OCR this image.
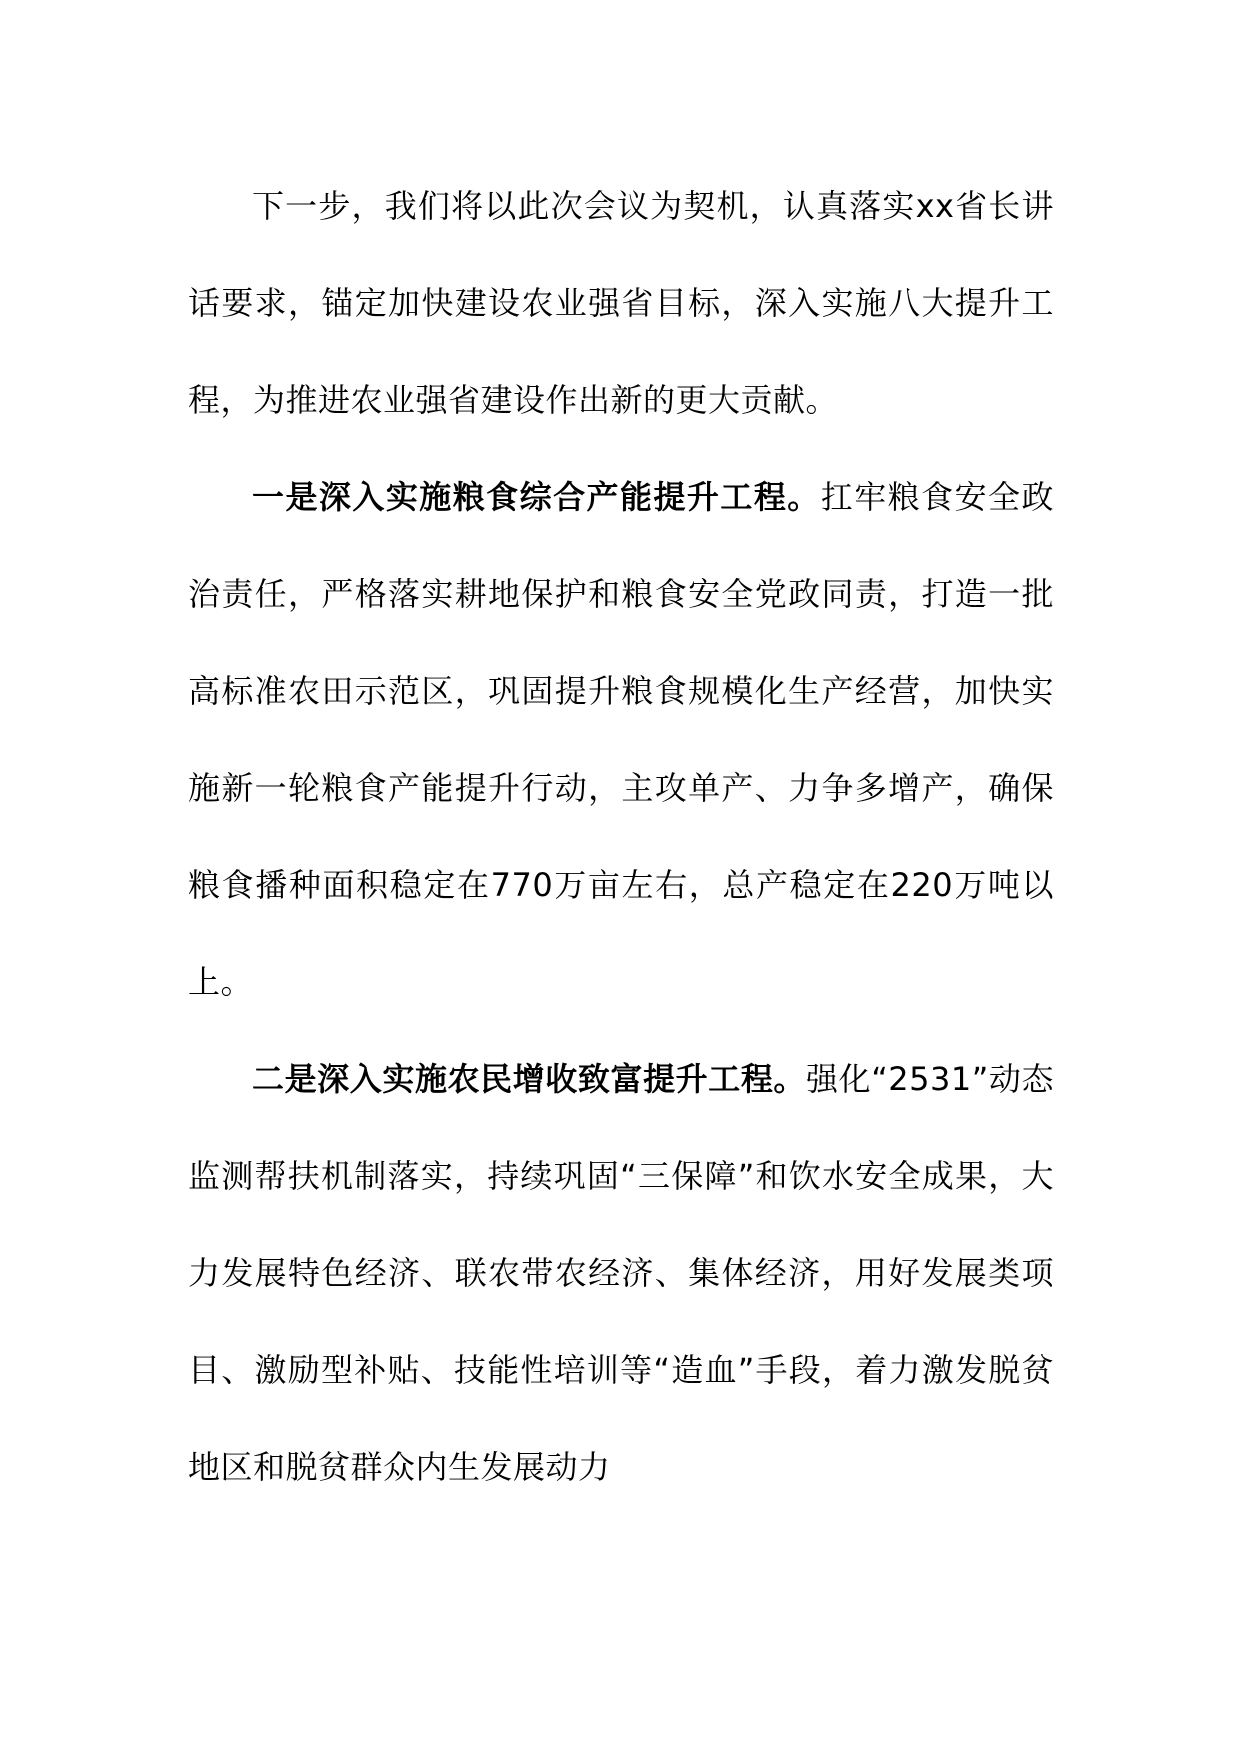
下一步，我们将以此次会议为契机，认真落实xx省长讲话要求，锚定加快建设农业强省目标，深入实施八大提升工程，为推进农业强省建设作出新的更大贡献。

一是深入实施粮食综合产能提升工程。扛牢粮食安全政治责任，严格落实耕地保护和粮食安全党政同责，打造一批高标准农田示范区，巩固提升粮食规模化生产经营，加快实施新一轮粮食产能提升行动，主攻单产、力争多增产，确保粮食播种面积稳定在770万亩左右，总产稳定在220万吨以上。

二是深入实施农民增收致富提升工程。强化“2531”动态监测帮扶机制落实，持续巩固“三保障”和饮水安全成果，大力发展特色经济、联农带农经济、集体经济，用好发展类项目、激励型补贴、技能性培训等“造血”手段，着力激发脱贫地区和脱贫群众内生发展动力
